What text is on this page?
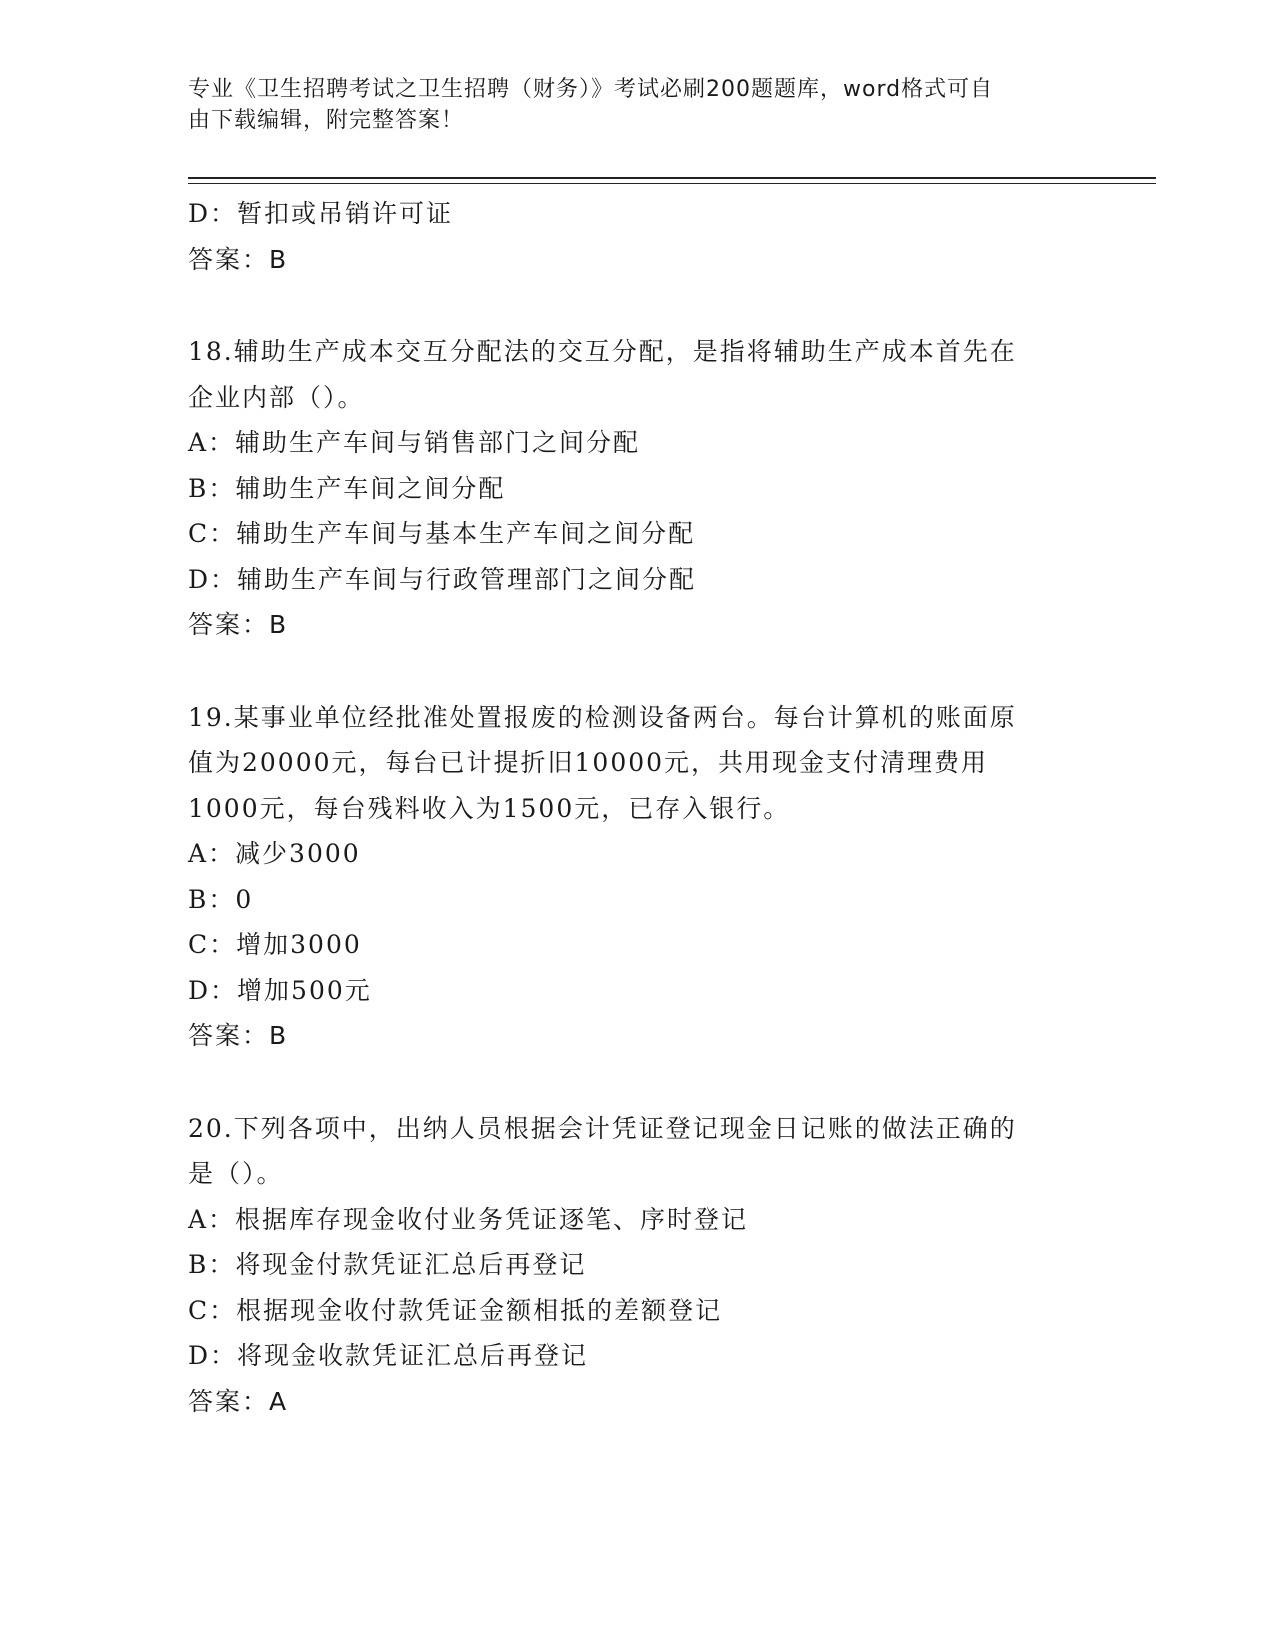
专业《卫生招聘考试之卫生招聘（财务）》考试必刷200题题库，word格式可自
由下载编辑，附完整答案！
D：暂扣或吊销许可证
答案：B
18.辅助生产成本交互分配法的交互分配，是指将辅助生产成本首先在
企业内部（）。
A：辅助生产车间与销售部门之间分配
B：辅助生产车间之间分配
C：辅助生产车间与基本生产车间之间分配
D：辅助生产车间与行政管理部门之间分配
答案：B
19.某事业单位经批准处置报废的检测设备两台。每台计算机的账面原
值为20000元，每台已计提折旧10000元，共用现金支付清理费用
1000元，每台残料收入为1500元，已存入银行。
A：减少3000
B：0
C：增加3000
D：增加500元
答案：B
20.下列各项中，出纳人员根据会计凭证登记现金日记账的做法正确的
是（）。
A：根据库存现金收付业务凭证逐笔、序时登记
B：将现金付款凭证汇总后再登记
C：根据现金收付款凭证金额相抵的差额登记
D：将现金收款凭证汇总后再登记
答案：A
